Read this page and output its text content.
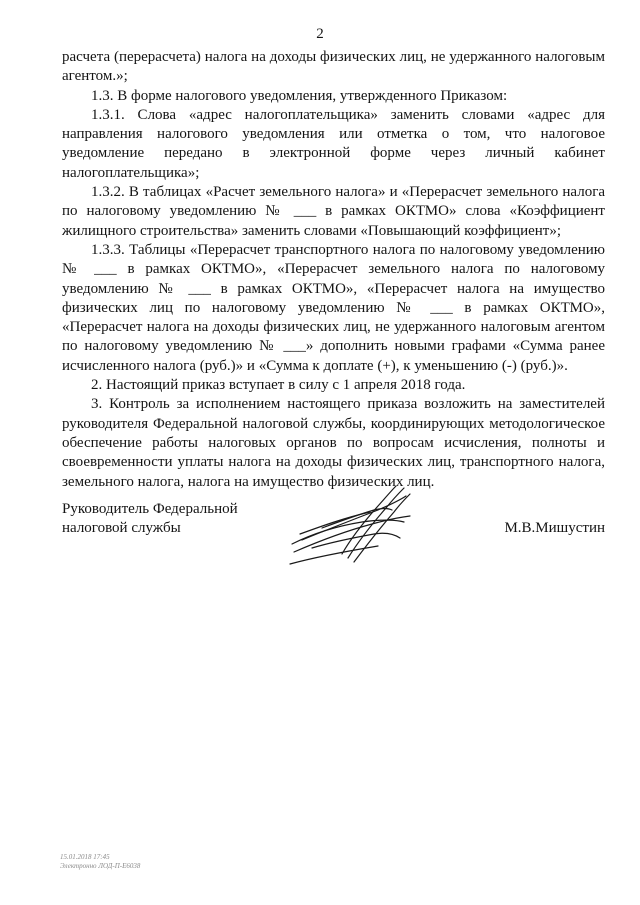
2

расчета (перерасчета) налога на доходы физических лиц, не удержанного налоговым агентом.»;

1.3. В форме налогового уведомления, утвержденного Приказом:

1.3.1. Слова «адрес налогоплательщика» заменить словами «адрес для направления налогового уведомления или отметка о том, что налоговое уведомление передано в электронной форме через личный кабинет налогоплательщика»;

1.3.2. В таблицах «Расчет земельного налога» и «Перерасчет земельного налога по налоговому уведомлению № ___ в рамках ОКТМО» слова «Коэффициент жилищного строительства» заменить словами «Повышающий коэффициент»;

1.3.3. Таблицы «Перерасчет транспортного налога по налоговому уведомлению № ___ в рамках ОКТМО», «Перерасчет земельного налога по налоговому уведомлению № ___ в рамках ОКТМО», «Перерасчет налога на имущество физических лиц по налоговому уведомлению № ___ в рамках ОКТМО», «Перерасчет налога на доходы физических лиц, не удержанного налоговым агентом по налоговому уведомлению № ___» дополнить новыми графами «Сумма ранее исчисленного налога (руб.)» и «Сумма к доплате (+), к уменьшению (-) (руб.)».

2. Настоящий приказ вступает в силу с 1 апреля 2018 года.

3. Контроль за исполнением настоящего приказа возложить на заместителей руководителя Федеральной налоговой службы, координирующих методологическое обеспечение работы налоговых органов по вопросам исчисления, полноты и своевременности уплаты налога на доходы физических лиц, транспортного налога, земельного налога, налога на имущество физических лиц.

Руководитель Федеральной
налоговой службы	М.В.Мишустин
15.01.2018 17:45
Электронно ЛОД-П-Е6038
